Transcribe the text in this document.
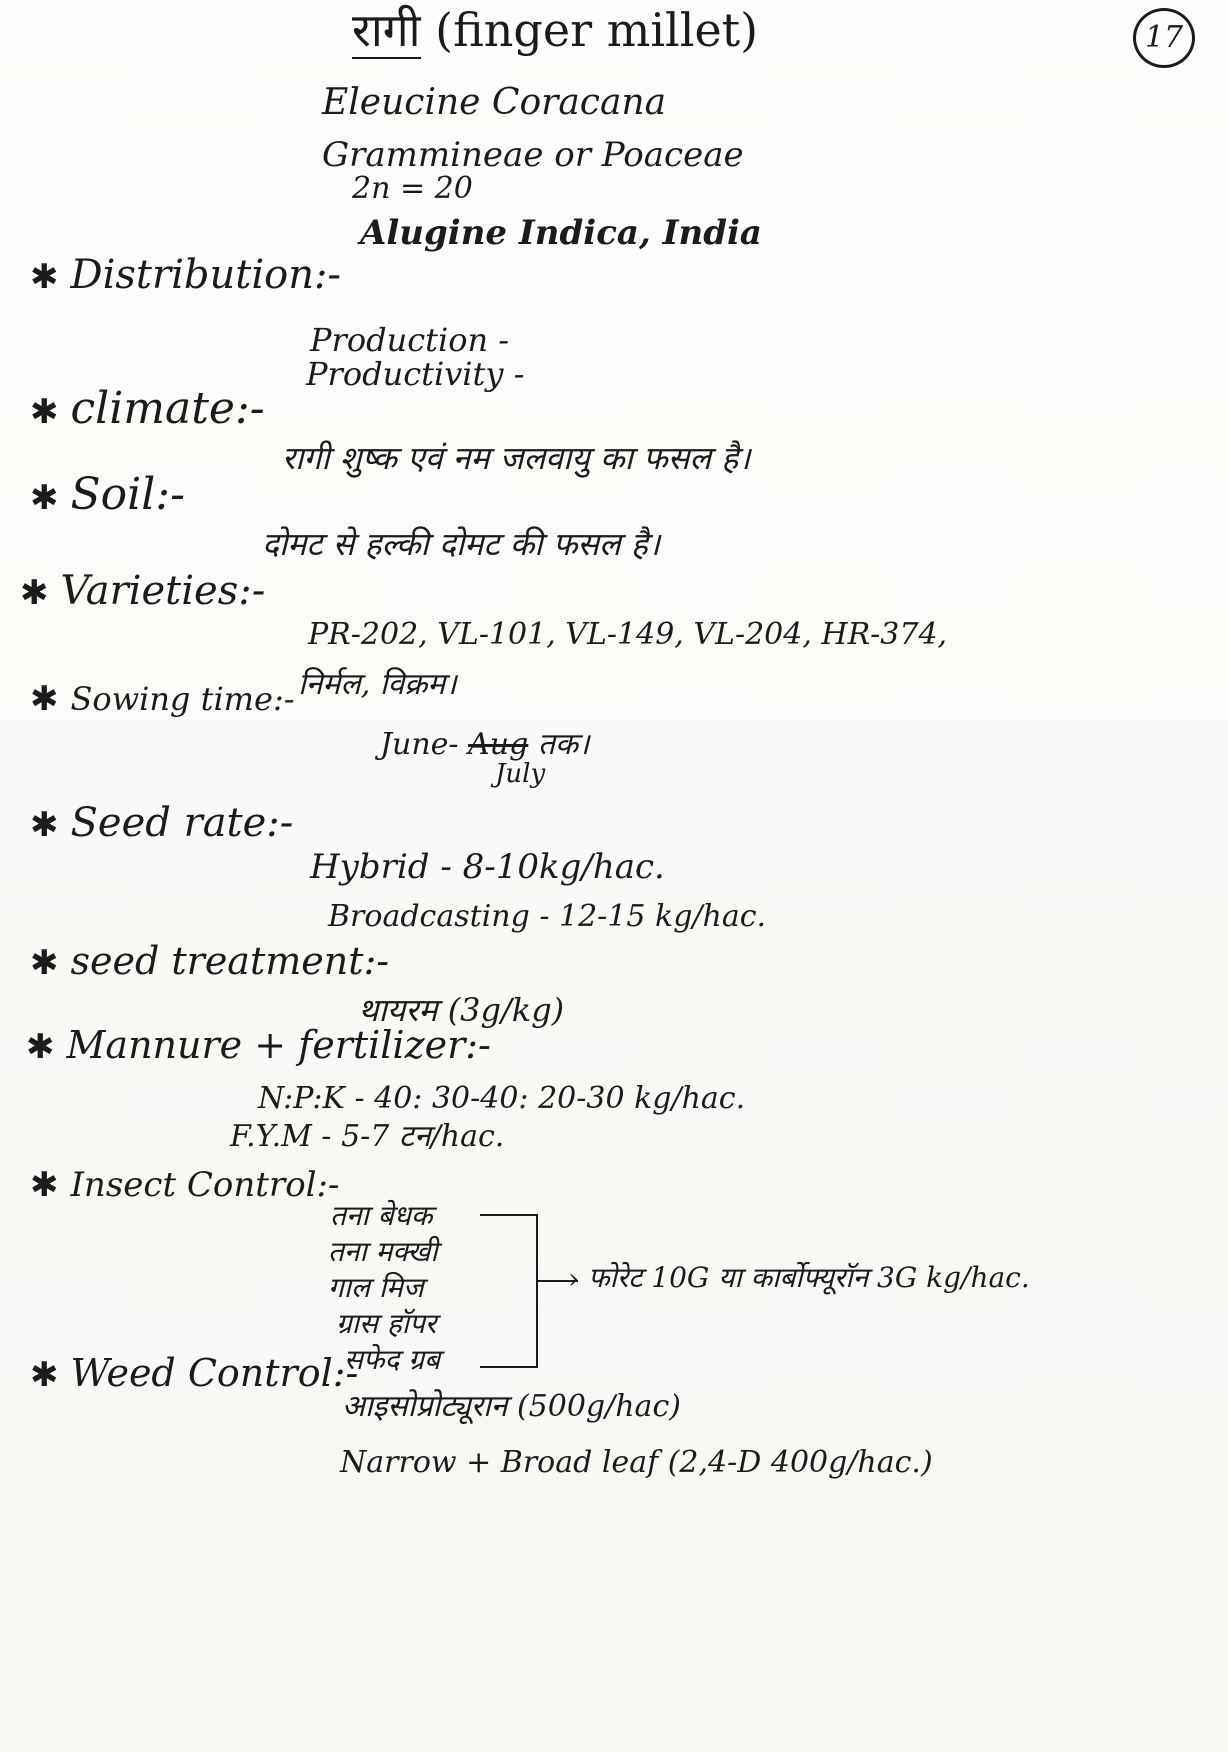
17
रागी (finger millet)
Eleucine Coracana
Grammineae or Poaceae
2n = 20
Alugine Indica, India
✱ Distribution:-
Production -
Productivity -
✱ climate:-
रागी शुष्क एवं नम जलवायु का फसल है।
✱ Soil:-
दोमट से हल्की दोमट की फसल है।
✱ Varieties:-
PR-202, VL-101, VL-149, VL-204, HR-374,
निर्मल, विक्रम।
✱ Sowing time:-
June- Aug तक।
July
✱ Seed rate:-
Hybrid - 8-10kg/hac.
Broadcasting - 12-15 kg/hac.
✱ seed treatment:-
थायरम (3g/kg)
✱ Mannure + fertilizer:-
N:P:K - 40: 30-40: 20-30 kg/hac.
F.Y.M - 5-7 टन/hac.
✱ Insect Control:-
तना बेधक
तना मक्खी
गाल मिज
ग्रास हॉपर
सफेद ग्रब
› फोरेट 10G या कार्बोफ्यूरॉन 3G kg/hac.
✱ Weed Control:-
आइसोप्रोट्यूरान (500g/hac)
Narrow + Broad leaf (2,4-D 400g/hac.)
